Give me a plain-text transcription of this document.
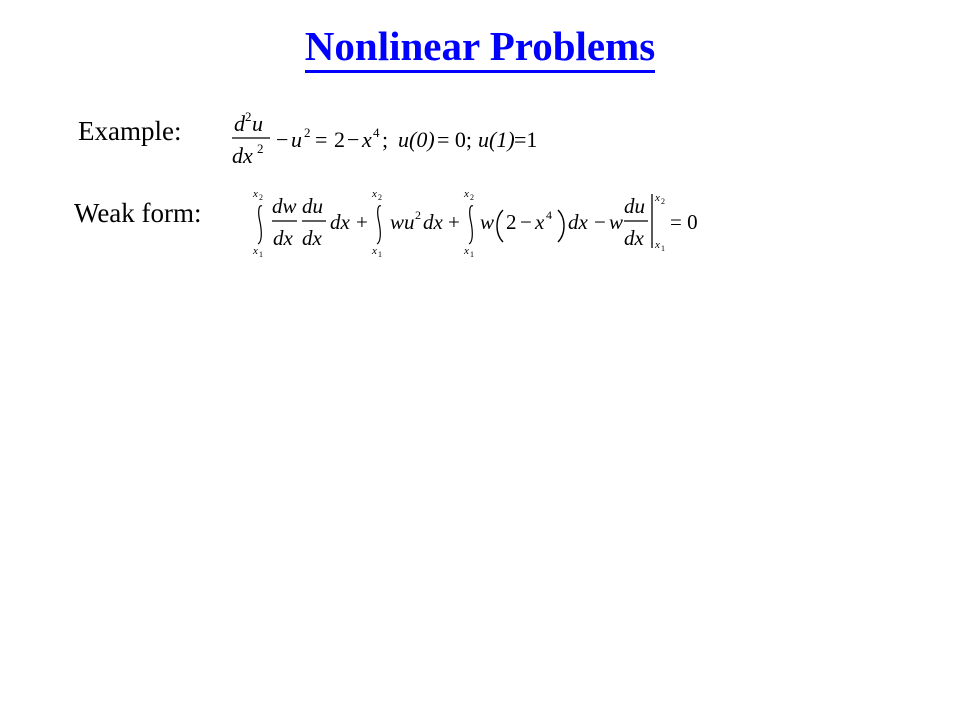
Nonlinear Problems
Example:
Weak form:
d 2 u
dx 2 − u 2 = 2 − x 4 ; u(0) = 0; u(1) =1
x 2
x 1
dw
dx
du
dx
dx +
x 2
x 1
wu 2 dx +
x 2
x 1
w 2 − x 4 dx − w
du
dx
x 2
x 1
= 0
